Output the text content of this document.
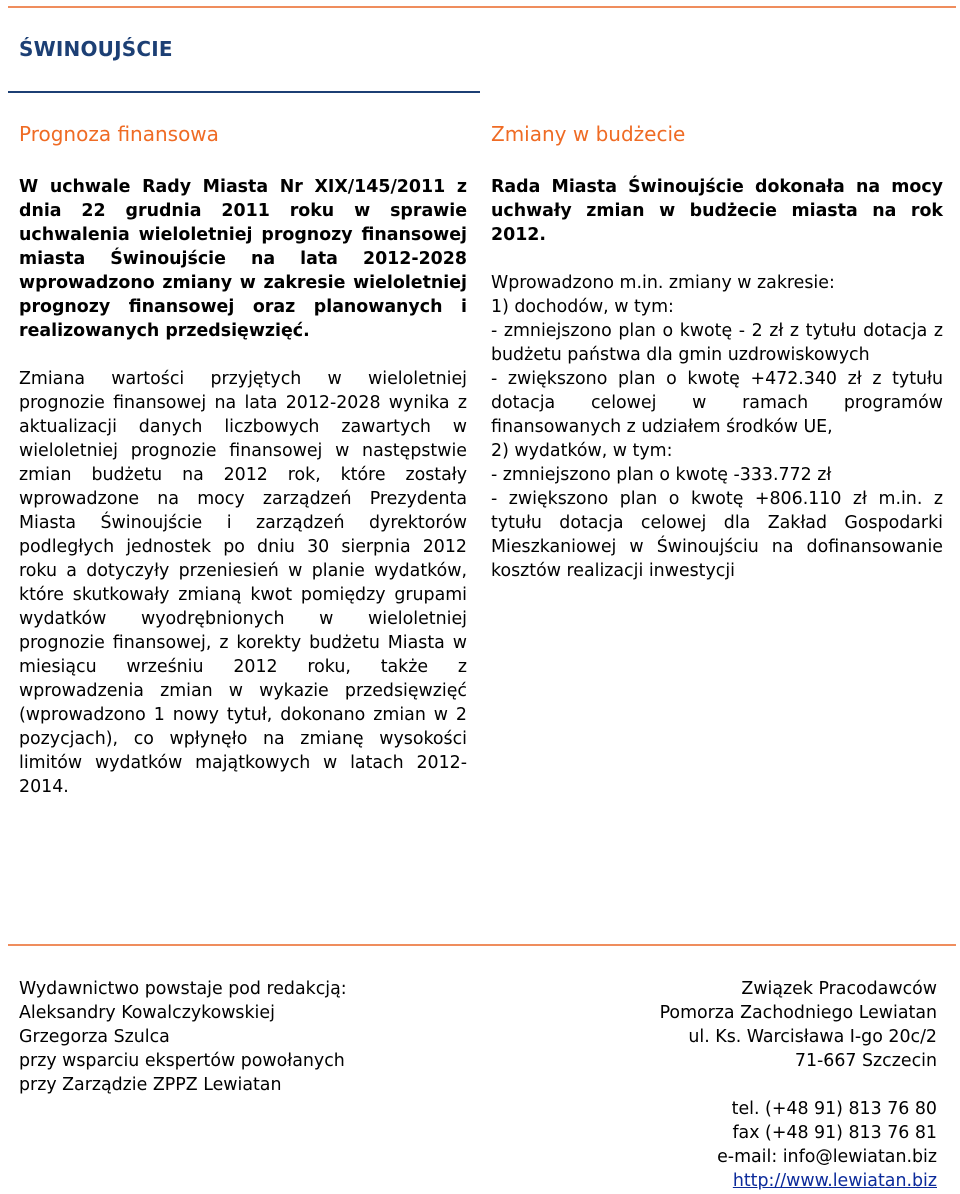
ŚWINOUJŚCIE
Prognoza finansowa

W uchwale Rady Miasta Nr XIX/145/2011 z dnia 22 grudnia 2011 roku w sprawie uchwalenia wieloletniej prognozy finansowej miasta Świnoujście na lata 2012-2028 wprowadzono zmiany w zakresie wieloletniej prognozy finansowej oraz planowanych i realizowanych przedsięwzięć.

Zmiana wartości przyjętych w wieloletniej prognozie finansowej na lata 2012-2028 wynika z aktualizacji danych liczbowych zawartych w wieloletniej prognozie finansowej w następstwie zmian budżetu na 2012 rok, które zostały wprowadzone na mocy zarządzeń Prezydenta Miasta Świnoujście i zarządzeń dyrektorów podległych jednostek po dniu 30 sierpnia 2012 roku a dotyczyły przeniesień w planie wydatków, które skutkowały zmianą kwot pomiędzy grupami wydatków wyodrębnionych w wieloletniej prognozie finansowej, z korekty budżetu Miasta w miesiącu wrześniu 2012 roku, także z wprowadzenia zmian w wykazie przedsięwzięć (wprowadzono 1 nowy tytuł, dokonano zmian w 2 pozycjach), co wpłynęło na zmianę wysokości limitów wydatków majątkowych w latach 2012-2014.

Zmiany w budżecie

Rada Miasta Świnoujście dokonała na mocy uchwały zmian w budżecie miasta na rok 2012.

Wprowadzono m.in. zmiany w zakresie:

1) dochodów, w tym:

- zmniejszono plan o kwotę - 2 zł z tytułu dotacja z budżetu państwa dla gmin uzdrowiskowych

- zwiększono plan o kwotę +472.340 zł z tytułu dotacja celowej w ramach programów finansowanych z udziałem środków UE,

2) wydatków, w tym:

- zmniejszono plan o kwotę -333.772 zł

- zwiększono plan o kwotę +806.110 zł m.in. z tytułu dotacja celowej dla Zakład Gospodarki Mieszkaniowej w Świnoujściu na dofinansowanie kosztów realizacji inwestycji

Wydawnictwo powstaje pod redakcją:
Aleksandry Kowalczykowskiej
Grzegorza Szulca
przy wsparciu ekspertów powołanych
przy Zarządzie ZPPZ Lewiatan
Związek Pracodawców
Pomorza Zachodniego Lewiatan
ul. Ks. Warcisława I-go 20c/2
71-667 Szczecin
tel. (+48 91) 813 76 80
fax (+48 91) 813 76 81
e-mail: info@lewiatan.biz
http://www.lewiatan.biz
